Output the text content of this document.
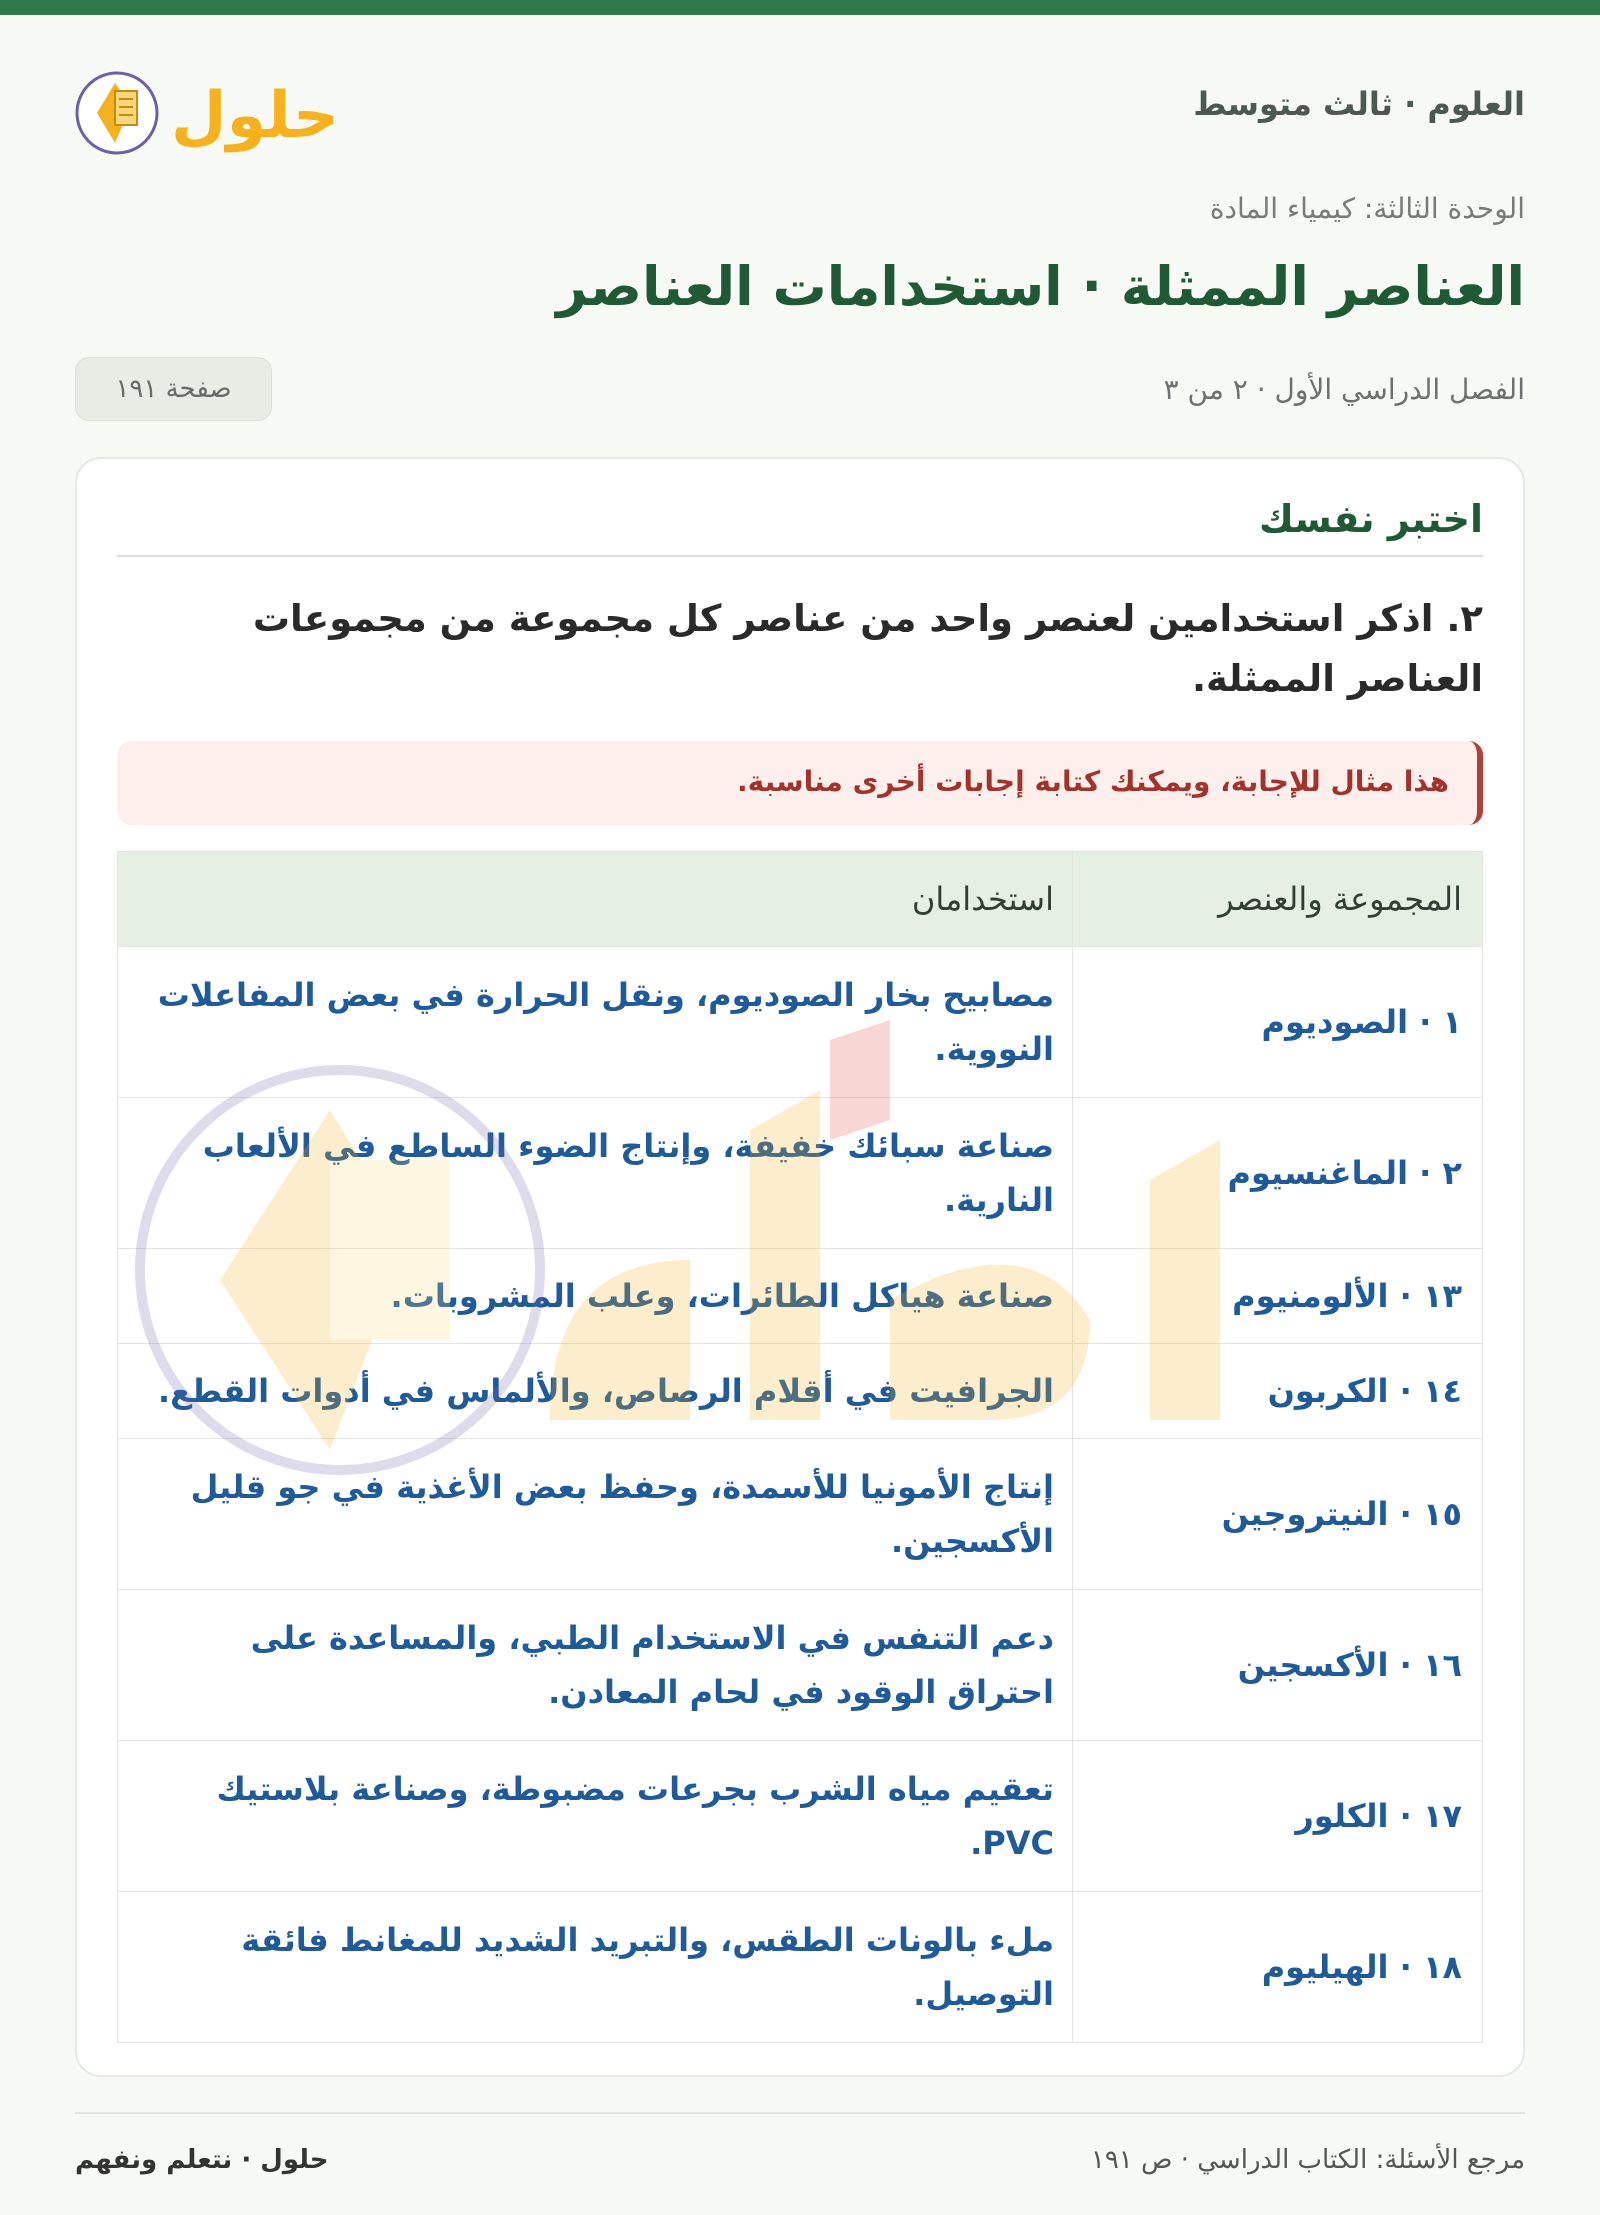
العلوم · ثالث متوسط
حلول
الوحدة الثالثة: كيمياء المادة
العناصر الممثلة · استخدامات العناصر
الفصل الدراسي الأول · ٢ من ٣
صفحة ١٩١
اختبر نفسك
٢. اذكر استخدامين لعنصر واحد من عناصر كل مجموعة من مجموعات العناصر الممثلة.
هذا مثال للإجابة، ويمكنك كتابة إجابات أخرى مناسبة.
المجموعة والعنصر
استخدامان
١ · الصوديوم
مصابيح بخار الصوديوم، ونقل الحرارة في بعض المفاعلات النووية.
٢ · الماغنسيوم
صناعة سبائك خفيفة، وإنتاج الضوء الساطع في الألعاب النارية.
١٣ · الألومنيوم
صناعة هياكل الطائرات، وعلب المشروبات.
١٤ · الكربون
الجرافيت في أقلام الرصاص، والألماس في أدوات القطع.
١٥ · النيتروجين
إنتاج الأمونيا للأسمدة، وحفظ بعض الأغذية في جو قليل الأكسجين.
١٦ · الأكسجين
دعم التنفس في الاستخدام الطبي، والمساعدة على احتراق الوقود في لحام المعادن.
١٧ · الكلور
تعقيم مياه الشرب بجرعات مضبوطة، وصناعة بلاستيك PVC.
١٨ · الهيليوم
ملء بالونات الطقس، والتبريد الشديد للمغانط فائقة التوصيل.
مرجع الأسئلة: الكتاب الدراسي · ص ١٩١
حلول · نتعلم ونفهم
